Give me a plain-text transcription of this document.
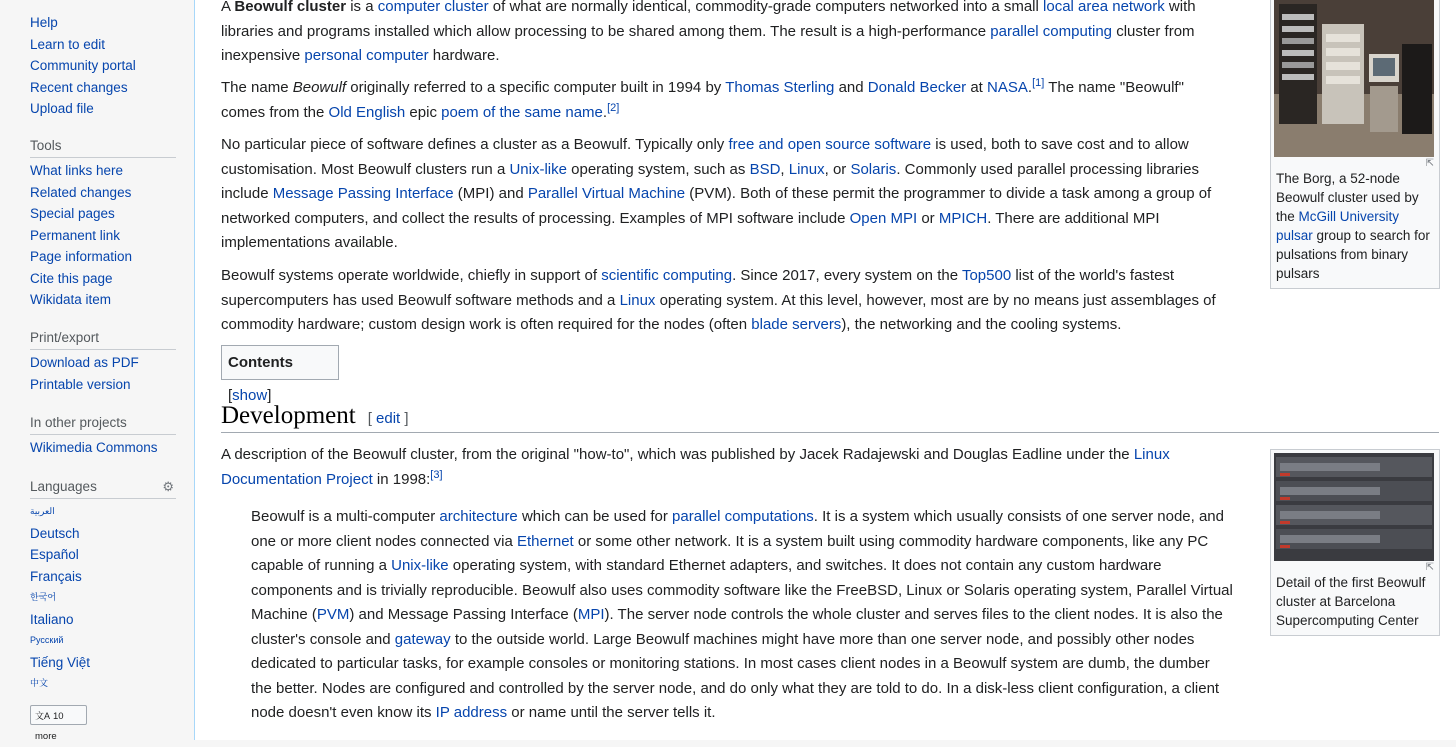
Help
Learn to edit
Community portal
Recent changes
Upload file
Tools
What links here
Related changes
Special pages
Permanent link
Page information
Cite this page
Wikidata item
Print/export
Download as PDF
Printable version
In other projects
Wikimedia Commons
Languages	⚙
العربية
Deutsch
Español
Français
한국어
Italiano
Русский
Tiếng Việt
中文
文A 10 more

A Beowulf cluster is a computer cluster of what are normally identical, commodity-grade computers networked into a small local area network with libraries and programs installed which allow processing to be shared among them. The result is a high-performance parallel computing cluster from inexpensive personal computer hardware.

The name Beowulf originally referred to a specific computer built in 1994 by Thomas Sterling and Donald Becker at NASA.[1] The name "Beowulf" comes from the Old English epic poem of the same name.[2]

No particular piece of software defines a cluster as a Beowulf. Typically only free and open source software is used, both to save cost and to allow customisation. Most Beowulf clusters run a Unix-like operating system, such as BSD, Linux, or Solaris. Commonly used parallel processing libraries include Message Passing Interface (MPI) and Parallel Virtual Machine (PVM). Both of these permit the programmer to divide a task among a group of networked computers, and collect the results of processing. Examples of MPI software include Open MPI or MPICH. There are additional MPI implementations available.

Beowulf systems operate worldwide, chiefly in support of scientific computing. Since 2017, every system on the Top500 list of the world's fastest supercomputers has used Beowulf software methods and a Linux operating system. At this level, however, most are by no means just assemblages of commodity hardware; custom design work is often required for the nodes (often blade servers), the networking and the cooling systems.

Contents [show]
Development [ edit ]

A description of the Beowulf cluster, from the original "how-to", which was published by Jacek Radajewski and Douglas Eadline under the Linux Documentation Project in 1998:[3]

Beowulf is a multi-computer architecture which can be used for parallel computations. It is a system which usually consists of one server node, and one or more client nodes connected via Ethernet or some other network. It is a system built using commodity hardware components, like any PC capable of running a Unix-like operating system, with standard Ethernet adapters, and switches. It does not contain any custom hardware components and is trivially reproducible. Beowulf also uses commodity software like the FreeBSD, Linux or Solaris operating system, Parallel Virtual Machine (PVM) and Message Passing Interface (MPI). The server node controls the whole cluster and serves files to the client nodes. It is also the cluster's console and gateway to the outside world. Large Beowulf machines might have more than one server node, and possibly other nodes dedicated to particular tasks, for example consoles or monitoring stations. In most cases client nodes in a Beowulf system are dumb, the dumber the better. Nodes are configured and controlled by the server node, and do only what they are told to do. In a disk-less client configuration, a client node doesn't even know its IP address or name until the server tells it.

⇱
The Borg, a 52-node Beowulf cluster used by the McGill University pulsar group to search for pulsations from binary pulsars
⇱
Detail of the first Beowulf cluster at Barcelona Supercomputing Center
